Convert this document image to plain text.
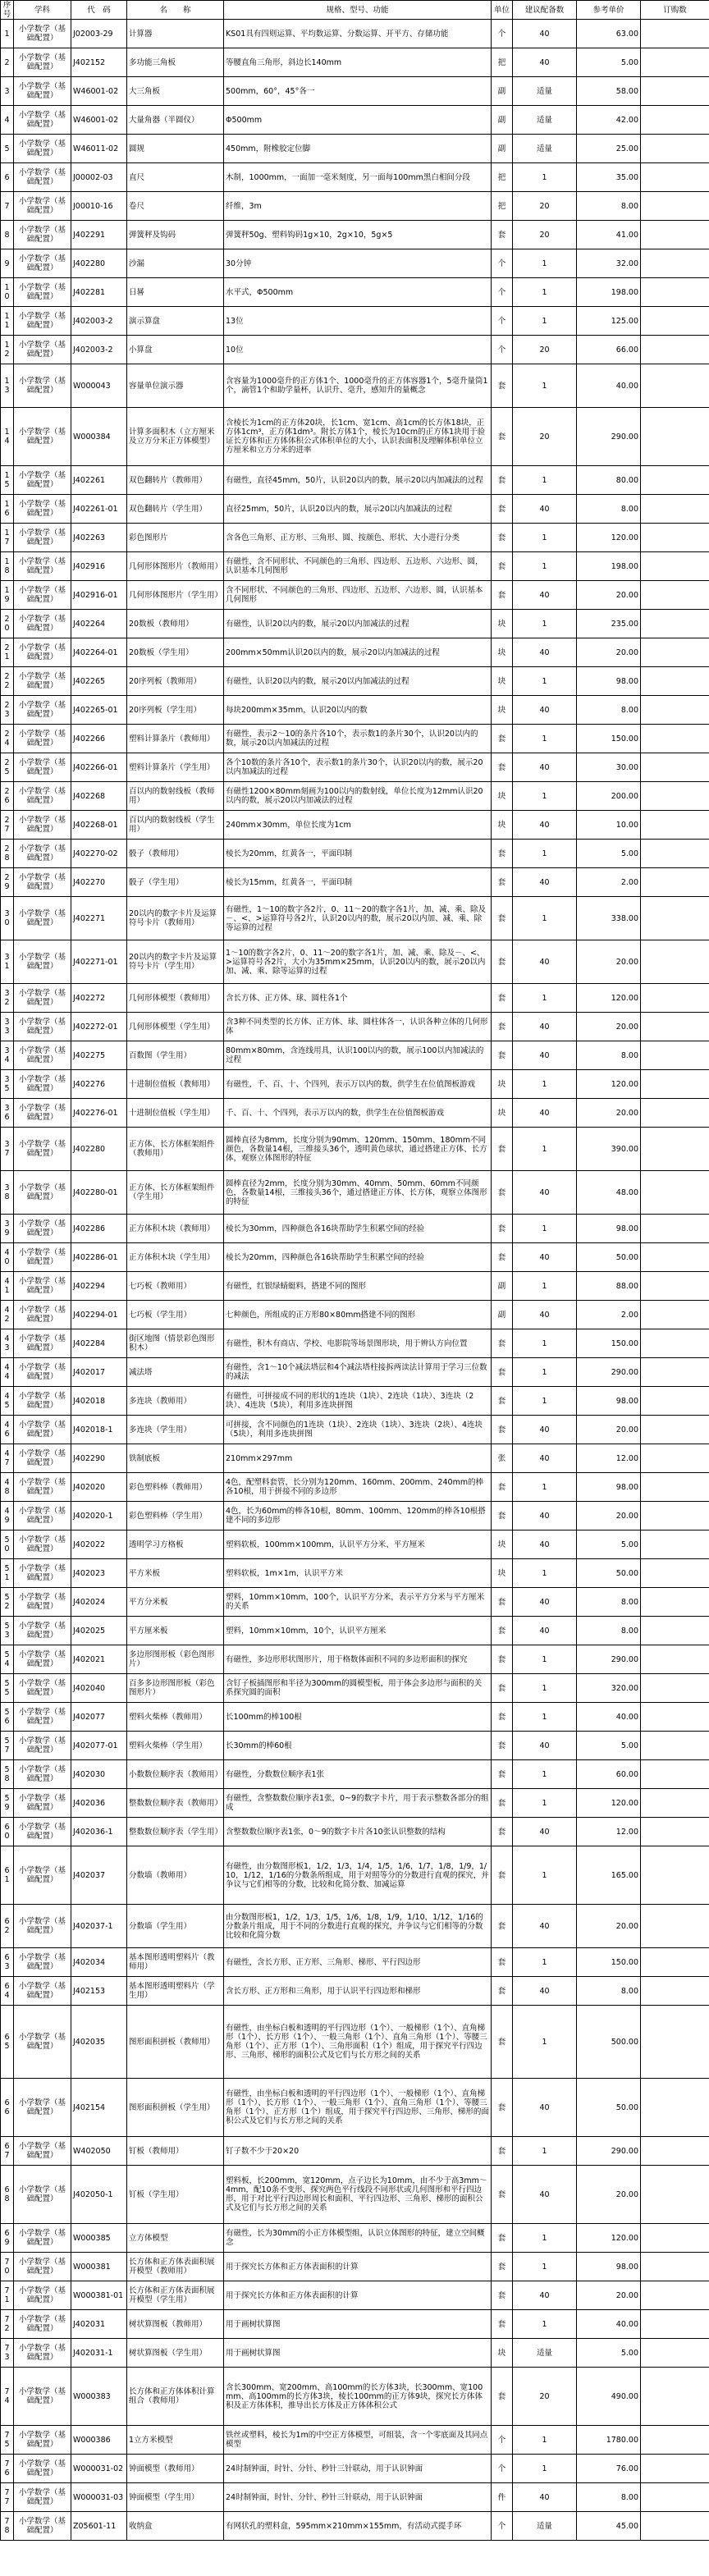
序号	学科	代　码	名　　称	规格、型号、功能	单位	建议配备数	参考单价	订购数
1	小学数学（基础配置）	J02003-29	计算器	KS01具有四则运算、平均数运算、分数运算、开平方、存储功能	个	40	63.00	
2	小学数学（基础配置）	J402152	多功能三角板	等腰直角三角形，斜边长140mm	把	40	5.00	
3	小学数学（基础配置）	W46001-02	大三角板	500mm，60°，45°各一	副	适量	58.00	
4	小学数学（基础配置）	W46001-02	大量角器（半圆仪）	Φ500mm	副	适量	42.00	
5	小学数学（基础配置）	W46011-02	圆规	450mm，附橡胶定位脚	副	适量	25.00	
6	小学数学（基础配置）	J00002-03	直尺	木制，1000mm，一面加一毫米刻度，另一面每100mm黑白相间分段	把	1	35.00	
7	小学数学（基础配置）	J00010-16	卷尺	纤维，3m	把	20	8.00	
8	小学数学（基础配置）	J402291	弹簧秤及钩码	弹簧秤50g、塑料钩码1g×10，2g×10，5g×5	套	20	41.00	
9	小学数学（基础配置）	J402280	沙漏	30分钟	个	1	32.00	
10	小学数学（基础配置）	J402281	日晷	水平式，Φ500mm	个	1	198.00	
11	小学数学（基础配置）	J402003-2	演示算盘	13位	个	1	125.00	
12	小学数学（基础配置）	J402003-2	小算盘	10位	个	20	66.00	
13	小学数学（基础配置）	W000043	容量单位演示器	含容量为1000毫升的正方体1个、1000毫升的正方体容器1个，5毫升量筒1个，滴管1个和助学量杯，认识升、毫升，感知升的量概念	套	1	40.00	
14	小学数学（基础配置）	W000384	计算多面积木（立方厘米及立方分米正方体模型）	含棱长为1cm的正方体20块，长1cm、宽1cm、高1cm的长方体18块，正方体1cm³，正方体1dm³。附长方体1个，棱长为10cm的正方体1块用于验证长方体和正方体体积公式体积单位的大小，认识表面积及理解体积单位立方厘米和立方分米的进率	套	20	290.00	
15	小学数学（基础配置）	J402261	双色翻转片（教师用）	有磁性，直径45mm，50片，认识20以内的数，展示20以内加减法的过程	套	1	80.00	
16	小学数学（基础配置）	J402261-01	双色翻转片（学生用）	直径25mm，50片，认识20以内的数，展示20以内加减法的过程	套	40	8.00	
17	小学数学（基础配置）	J402263	彩色图形片	含各色三角形、正方形、三角形、圆、按颜色、形状、大小进行分类	套	1	120.00	
18	小学数学（基础配置）	J402916	几何形体图形片（教师用）	有磁性，含不同形状、不同颜色的三角形、四边形、五边形、六边形、圆，认识基本几何图形	套	1	198.00	
19	小学数学（基础配置）	J402916-01	几何形体图形片（学生用）	含不同形状、不同颜色的三角形、四边形、五边形、六边形、圆，认识基本几何图形	套	40	20.00	
20	小学数学（基础配置）	J402264	20数板（教师用）	有磁性，认识20以内的数，展示20以内加减法的过程	块	1	235.00	
21	小学数学（基础配置）	J402264-01	20数板（学生用）	200mm×50mm认识20以内的数，展示20以内加减法的过程	块	40	20.00	
22	小学数学（基础配置）	J402265	20序列板（教师用）	有磁性，认识20以内的数，展示20以内加减法的过程	块	1	98.00	
23	小学数学（基础配置）	J402265-01	20序列板（学生用）	每块200mm×35mm，认识20以内的数	块	40	8.00	
24	小学数学（基础配置）	J402266	塑料计算条片（教师用）	有磁性，表示2～10的条片各10个，表示数1的条片30个，认识20以内的数，展示20以内加减法的过程	套	1	150.00	
25	小学数学（基础配置）	J402266-01	塑料计算条片（学生用）	各个10数的条片各10个，表示数1的条片30个，认识20以内的数，展示20以内加减法的过程	套	40	30.00	
26	小学数学（基础配置）	J402268	百以内的数射线板（教师用）	有磁性1200×80mm刻画为100以内的数射线，单位长度为12mm认识20以内的数，展示20以内加减法的过程	块	1	200.00	
27	小学数学（基础配置）	J402268-01	百以内的数射线板（学生用）	240mm×30mm，单位长度为1cm	块	40	10.00	
28	小学数学（基础配置）	J402270-02	骰子（教师用）	棱长为20mm，红黄各一，平面印制	套	1	5.00	
29	小学数学（基础配置）	J402270	骰子（学生用）	棱长为15mm，红黄各一，平面印制	套	40	2.00	
30	小学数学（基础配置）	J402271	20以内的数字卡片及运算符号卡片（教师用）	有磁性，1～10的数字各2片，0、11～20的数字各1片，加、减、乘、除及－、<、>运算符号各2片，认识20以内的数，展示20以内加、减、乘、除等运算的过程	套	1	338.00	
31	小学数学（基础配置）	J402271-01	20以内的数字卡片及运算符号卡片（学生用）	1～10的数字各2片，0、11～20的数字各1片，加、减、乘、除及－、<、>运算符号各2片，大小为35mm×25mm，认识20以内的数，展示20以内加、减、乘、除等运算的过程	套	40	20.00	
32	小学数学（基础配置）	J402272	几何形体模型（教师用）	含长方体、正方体、球、圆柱各1个	套	1	120.00	
33	小学数学（基础配置）	J402272-01	几何形体模型（学生用）	含3种不同类型的长方体、正方体、球、圆柱体各一，认识各种立体的几何形体	套	40	20.00	
34	小学数学（基础配置）	J402275	百数图（学生用）	80mm×80mm，含连线用具，认识100以内的数，展示100以内加减法的过程	套	40	8.00	
35	小学数学（基础配置）	J402276	十进制位值板（教师用）	有磁性，千、百、十、个四列，表示万以内的数，供学生在位值图板游戏	块	1	120.00	
36	小学数学（基础配置）	J402276-01	十进制位值板（学生用）	千、百、十、个四列，表示万以内的数，供学生在位值图板游戏	块	40	20.00	
37	小学数学（基础配置）	J402280	正方体、长方体框架组件（教师用）	圆棒直径为8mm，长度分别为90mm、120mm、150mm、180mm不同颜色，各数量14根，三维接头36个，透明黄色球状，通过搭建正方体、长方体，观察立体图形的特征	套	1	390.00	
38	小学数学（基础配置）	J402280-01	正方体、长方体框架组件（学生用）	圆棒直径为2mm，长度分别为30mm、40mm、50mm、60mm不同颜色，各数量14根，三维接头36个，通过搭建正方体、长方体，观察立体图形的特征	套	40	48.00	
39	小学数学（基础配置）	J402286	正方体积木块（教师用）	棱长为30mm，四种颜色各16块帮助学生积累空间的经验	套	1	98.00	
40	小学数学（基础配置）	J402286-01	正方体积木块（学生用）	棱长为20mm，四种颜色各16块帮助学生积累空间的经验	套	40	50.00	
41	小学数学（基础配置）	J402294	七巧板（教师用）	有磁性，红银绿蜻蜓料，搭建不同的图形	副	1	88.00	
42	小学数学（基础配置）	J402294-01	七巧板（学生用）	七种颜色，所组成的正方形80×80mm搭建不同的图形	副	40	2.00	
43	小学数学（基础配置）	J402284	街区地图（情景彩色图形积木）	有磁性，积木有商店、学校、电影院等场景图形块，用于辨认方向位置	套	1	150.00	
44	小学数学（基础配置）	J402017	减法塔	有磁性，含1～10个减法塔层和4个减法塔柱接拆两读法计算用于学习三位数的减法	套	1	290.00	
45	小学数学（基础配置）	J402018	多连块（教师用）	有磁性，可拼接成不同的形状的1连块（1块）、2连块（1块）、3连块（2块）、4连块（5块），利用多连块拼图	套	1	98.00	
46	小学数学（基础配置）	J402018-1	多连块（学生用）	可拼接，含不同颜色的1连块（1块）、2连块（1块）、3连块（2块）、4连块（5块），利用多连块拼图	套	40	20.00	
47	小学数学（基础配置）	J402290	铁制底板	210mm×297mm	张	40	12.00	
48	小学数学（基础配置）	J402020	彩色塑料棒（教师用）	4色，配塑料套管，长分别为120mm、160mm、200mm、240mm的棒各10根，用于拼接不同的多边形	套	1	98.00	
49	小学数学（基础配置）	J402020-1	彩色塑料棒（学生用）	4色，长为60mm的棒各10根，80mm、100mm、120mm的棒各10根搭建不同的多边形	套	40	20.00	
50	小学数学（基础配置）	J402022	透明学习方格板	塑料软板，100mm×100mm，认识平方分米、平方厘米	块	40	5.00	
51	小学数学（基础配置）	J402023	平方米板	塑料软板，1m×1m，认识平方米	块	1	50.00	
52	小学数学（基础配置）	J402024	平方分米板	塑料，10mm×10mm，100个，认识平方分米，表示平方分米与平方厘米的关系	套	40	8.00	
53	小学数学（基础配置）	J402025	平方厘米板	塑料，10mm×10mm，10个，认识平方厘米	套	40	8.00	
54	小学数学（基础配置）	J402021	多边形图形板（彩色图形片）	有磁性，多边形形状图形片，用于格数体面积不同的多边形面积的探究	套	1	290.00	
55	小学数学（基础配置）	J402040	百多多边形图形板（彩色图形片）	含钉子板插图形和半径为300mm的圆模型板，用于体会多边形与面积的关系探究圆的面积	套	1	320.00	
56	小学数学（基础配置）	J402077	塑料火柴棒（教师用）	长100mm的棒100根	套	1	40.00	
57	小学数学（基础配置）	J402077-01	塑料火柴棒（学生用）	长30mm的棒60根	套	40	5.00	
58	小学数学（基础配置）	J402030	小数数位顺序表（教师用）	有磁性，分数数位顺序表1张	套	1	60.00	
59	小学数学（基础配置）	J402036	整数数位顺序表（教师用）	有磁性，含整数数位顺序表1张，0~9的数字卡片，用于表示整数各部分的组成	套	1	120.00	
60	小学数学（基础配置）	J402036-1	整数数位顺序表（学生用）	含整数数位顺序表1张，0～9的数字卡片各10张认识整数的结构	套	40	12.00	
61	小学数学（基础配置）	J402037	分数墙（教师用）	有磁性，由分数图形板1，1/2，1/3，1/4，1/5，1/6，1/7，1/8，1/9，1/10，1/12，1/16的分数条所组成，用于对照等分的分数进行直观的探究，并争议与它们相等的分数，比较和化简分数、加减运算	套	1	165.00	
62	小学数学（基础配置）	J402037-1	分数墙（学生用）	由分数图形板1，1/2，1/3，1/5，1/6，1/8，1/9，1/10，1/12，1/16的分数条片组成，用于不同的分数进行直观的探究，并争议与它们相等的分数比较和化简分数	套	40	20.00	
63	小学数学（基础配置）	J402034	基本图形透明塑料片（教师用）	有磁性，含长方形、正方形、三角形、梯形、平行四边形	套	1	150.00	
64	小学数学（基础配置）	J402153	基本图形透明塑料片（学生用）	含长方形、正方形和三角形，用于认识平行四边形和梯形	套	40	8.00	
65	小学数学（基础配置）	J402035	图形面积拼板（教师用）	有磁性，由坐标白板和透明的平行四边形（1个）、一般梯形（1个）、直角梯形（1个）、长方形（1个）、一般三角形（1个）、直角三角形（1个）、等腰三角形（1个）、正方形（1个）、三角形面积（1个）组成，用于探究平行四边形、三角形、梯形的面积公式及它们与长方形之间的关系	套	1	500.00	
66	小学数学（基础配置）	J402154	图形面积拼板（学生用）	有磁性，由坐标白板和透明的平行四边形（1个）、一般梯形（1个）、直角梯形（1个）、长方形（1个）、一般三角形（1个）、直角三角形（1个）、等腰三角形（1个）、正方形（1个）组成，用于探究平行四边形、三角形、梯形的面积公式及它们与长方形之间的关系	套	40	50.00	
67	小学数学（基础配置）	W402050	钉板（教师用）	钉子数不少于20×20	套	1	290.00	
68	小学数学（基础配置）	J402050-1	钉板（学生用）	塑料板，长200mm，宽120mm，点子边长为10mm，由不少于高3mm～4mm，配10条不变形、探究两色平行线段不同形状或几何图形和平行四边形，用于对比平行四边形周长和面积、平行四边形、三角形、梯形的面积公式及它们与长方形之间的关系	套	40	20.00	
69	小学数学（基础配置）	W000385	立方体模型	有磁性，长为30mm的小正方体模型组，认识立体图形的特征，建立空间概念	套	1	120.00	
70	小学数学（基础配置）	W000381	长方体和正方体表面积展开模型（教师用）	用于探究长方体和正方体表面积的计算	套	1	98.00	
71	小学数学（基础配置）	W000381-01	长方体和正方体表面积展开模型（学生用）	用于探究长方体和正方体表面积的计算	套	40	20.00	
72	小学数学（基础配置）	J402031	树状算图板（教师用）	用于画树状算图	套	1	40.00	
73	小学数学（基础配置）	J402031-1	树状算图板（学生用）	用于画树状算图	块	适量	5.00	
74	小学数学（基础配置）	W000383	长方体和正方体体积计算组合（教师用）	含长300mm、宽200mm、高100mm的长方体3块，长300mm、宽100mm、高100mm的长方体3块，棱长100mm的正方体9块，探究长方体体积及正方体体积，推导出长方体及正方体体积公式	套	20	490.00	
75	小学数学（基础配置）	W000386	1立方米模型	铁丝或塑料，棱长为1m的中空正方体模型，可组装，含一个零底面及其同点模型	个	1	1780.00	
76	小学数学（基础配置）	W000031-02	钟面模型（教师用）	24时制钟面，时针、分针、秒针三针联动，用于认识钟面	个	1	76.00	
77	小学数学（基础配置）	W000031-03	钟面模型（学生用）	24时制钟面，时针、分针、秒针三针联动，用于认识钟面	件	40	8.00	
78	小学数学（基础配置）	Z05601-11	收纳盒	有网状孔的塑料盒，595mm×210mm×155mm，有活动式提手环	个	适量	45.00	
